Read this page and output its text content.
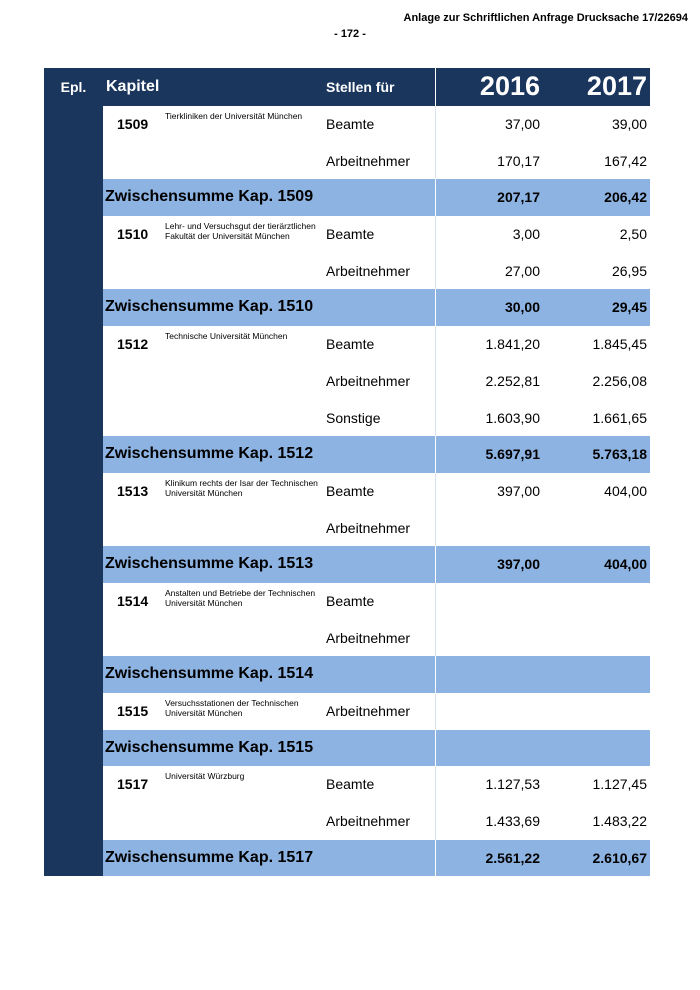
Anlage zur Schriftlichen Anfrage Drucksache 17/22694
- 172 -
Epl.	Kapitel	Stellen für	2016	2017
1509 Tierkliniken der Universität München	Beamte	37,00	39,00
Arbeitnehmer	170,17	167,42
Zwischensumme Kap. 1509	207,17	206,42
1510 Lehr- und Versuchsgut der tierärztlichen Fakultät der Universität München	Beamte	3,00	2,50
Arbeitnehmer	27,00	26,95
Zwischensumme Kap. 1510	30,00	29,45
1512 Technische Universität München	Beamte	1.841,20	1.845,45
Arbeitnehmer	2.252,81	2.256,08
Sonstige	1.603,90	1.661,65
Zwischensumme Kap. 1512	5.697,91	5.763,18
1513 Klinikum rechts der Isar der Technischen Universität München	Beamte	397,00	404,00
Arbeitnehmer
Zwischensumme Kap. 1513	397,00	404,00
1514 Anstalten und Betriebe der Technischen Universität München	Beamte
Arbeitnehmer
Zwischensumme Kap. 1514
1515 Versuchsstationen der Technischen Universität München	Arbeitnehmer
Zwischensumme Kap. 1515
1517 Universität Würzburg	Beamte	1.127,53	1.127,45
Arbeitnehmer	1.433,69	1.483,22
Zwischensumme Kap. 1517	2.561,22	2.610,67
